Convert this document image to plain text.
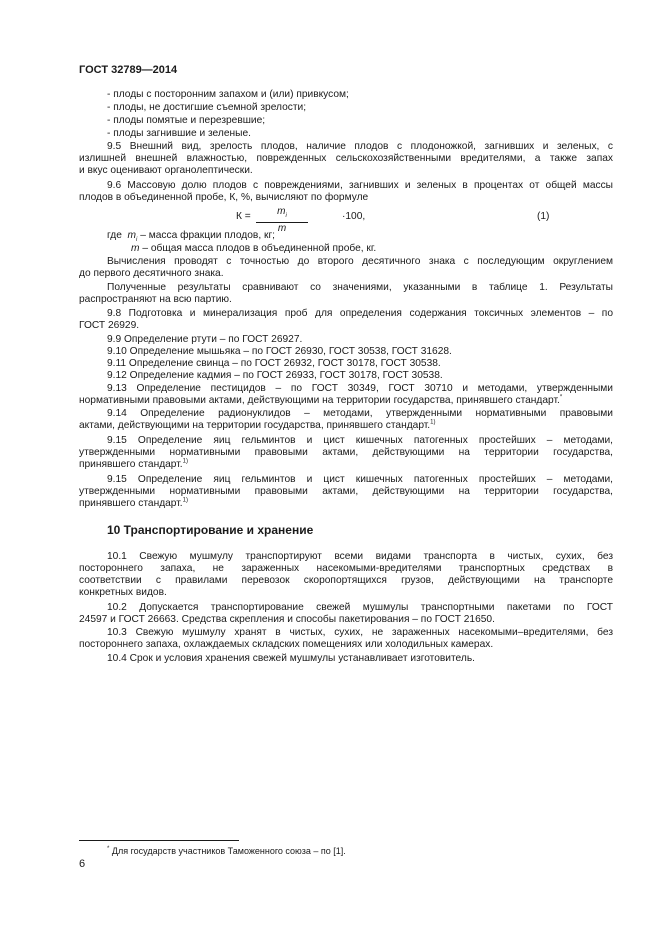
ГОСТ 32789—2014
- плоды с посторонним запахом и (или) привкусом;
- плоды, не достигшие съемной зрелости;
- плоды помятые и перезревшие;
- плоды загнившие и зеленые.
9.5 Внешний вид, зрелость плодов, наличие плодов с плодоножкой, загнивших и зеленых, с
излишней внешней влажностью, поврежденных сельскохозяйственными вредителями, а также запах
и вкус оценивают органолептически.
9.6 Массовую долю плодов с повреждениями, загнивших и зеленых в процентах от общей массы
плодов в объединенной пробе, К, %, вычисляют по формуле
К =	$m_i$
m
·100,	(1)
где $m_i$ – масса фракции плодов, кг;
m – общая масса плодов в объединенной пробе, кг.
Вычисления проводят с точностью до второго десятичного знака с последующим округлением
до первого десятичного знака.
Полученные результаты сравнивают со значениями, указанными в таблице 1. Результаты
распространяют на всю партию.
9.8 Подготовка и минерализация проб для определения содержания токсичных элементов – по
ГОСТ 26929.
9.9 Определение ртути – по ГОСТ 26927.
9.10 Определение мышьяка – по ГОСТ 26930, ГОСТ 30538, ГОСТ 31628.
9.11 Определение свинца – по ГОСТ 26932, ГОСТ 30178, ГОСТ 30538.
9.12 Определение кадмия – по ГОСТ 26933, ГОСТ 30178, ГОСТ 30538.
9.13 Определение пестицидов – по ГОСТ 30349, ГОСТ 30710 и методами, утвержденными
нормативными правовыми актами, действующими на территории государства, принявшего стандарт.*
9.14 Определение радионуклидов – методами, утвержденными нормативными правовыми
актами, действующими на территории государства, принявшего стандарт.$^{1)}$
9.15 Определение яиц гельминтов и цист кишечных патогенных простейших – методами,
утвержденными нормативными правовыми актами, действующими на территории государства,
принявшего стандарт.$^{1)}$
9.15 Определение яиц гельминтов и цист кишечных патогенных простейших – методами,
утвержденными нормативными правовыми актами, действующими на территории государства,
принявшего стандарт.$^{1)}$
10 Транспортирование и хранение
10.1 Свежую мушмулу транспортируют всеми видами транспорта в чистых, сухих, без
постороннего запаха, не зараженных насекомыми-вредителями транспортных средствах в
соответствии с правилами перевозок скоропортящихся грузов, действующими на транспорте
конкретных видов.
10.2 Допускается транспортирование свежей мушмулы транспортными пакетами по ГОСТ
24597 и ГОСТ 26663. Средства скрепления и способы пакетирования – по ГОСТ 21650.
10.3 Свежую мушмулу хранят в чистых, сухих, не зараженных насекомыми–вредителями, без
постороннего запаха, охлаждаемых складских помещениях или холодильных камерах.
10.4 Срок и условия хранения свежей мушмулы устанавливает изготовитель.
* Для государств участников Таможенного союза – по [1].
6
